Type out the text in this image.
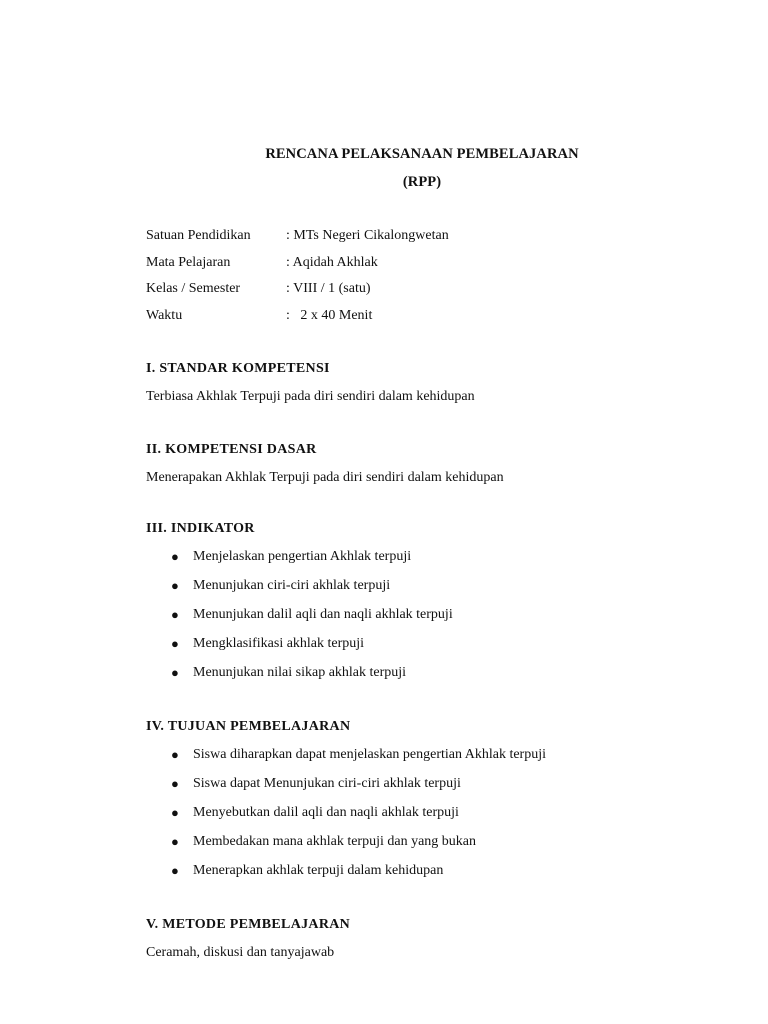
RENCANA PELAKSANAAN PEMBELAJARAN
(RPP)
Satuan Pendidikan	: MTs Negeri Cikalongwetan
Mata Pelajaran	: Aqidah Akhlak
Kelas / Semester	: VIII / 1 (satu)
Waktu	:   2 x 40 Menit
I. STANDAR KOMPETENSI
Terbiasa Akhlak Terpuji pada diri sendiri dalam kehidupan
II. KOMPETENSI DASAR
Menerapakan Akhlak Terpuji pada diri sendiri dalam kehidupan
III. INDIKATOR
●	Menjelaskan pengertian Akhlak terpuji
●	Menunjukan ciri-ciri akhlak terpuji
●	Menunjukan dalil aqli dan naqli akhlak terpuji
●	Mengklasifikasi akhlak terpuji
●	Menunjukan nilai sikap akhlak terpuji
IV. TUJUAN PEMBELAJARAN
●	Siswa diharapkan dapat menjelaskan pengertian Akhlak terpuji
●	Siswa dapat Menunjukan ciri-ciri akhlak terpuji
●	Menyebutkan dalil aqli dan naqli akhlak terpuji
●	Membedakan mana akhlak terpuji dan yang bukan
●	Menerapkan akhlak terpuji dalam kehidupan
V. METODE PEMBELAJARAN
Ceramah, diskusi dan tanyajawab
